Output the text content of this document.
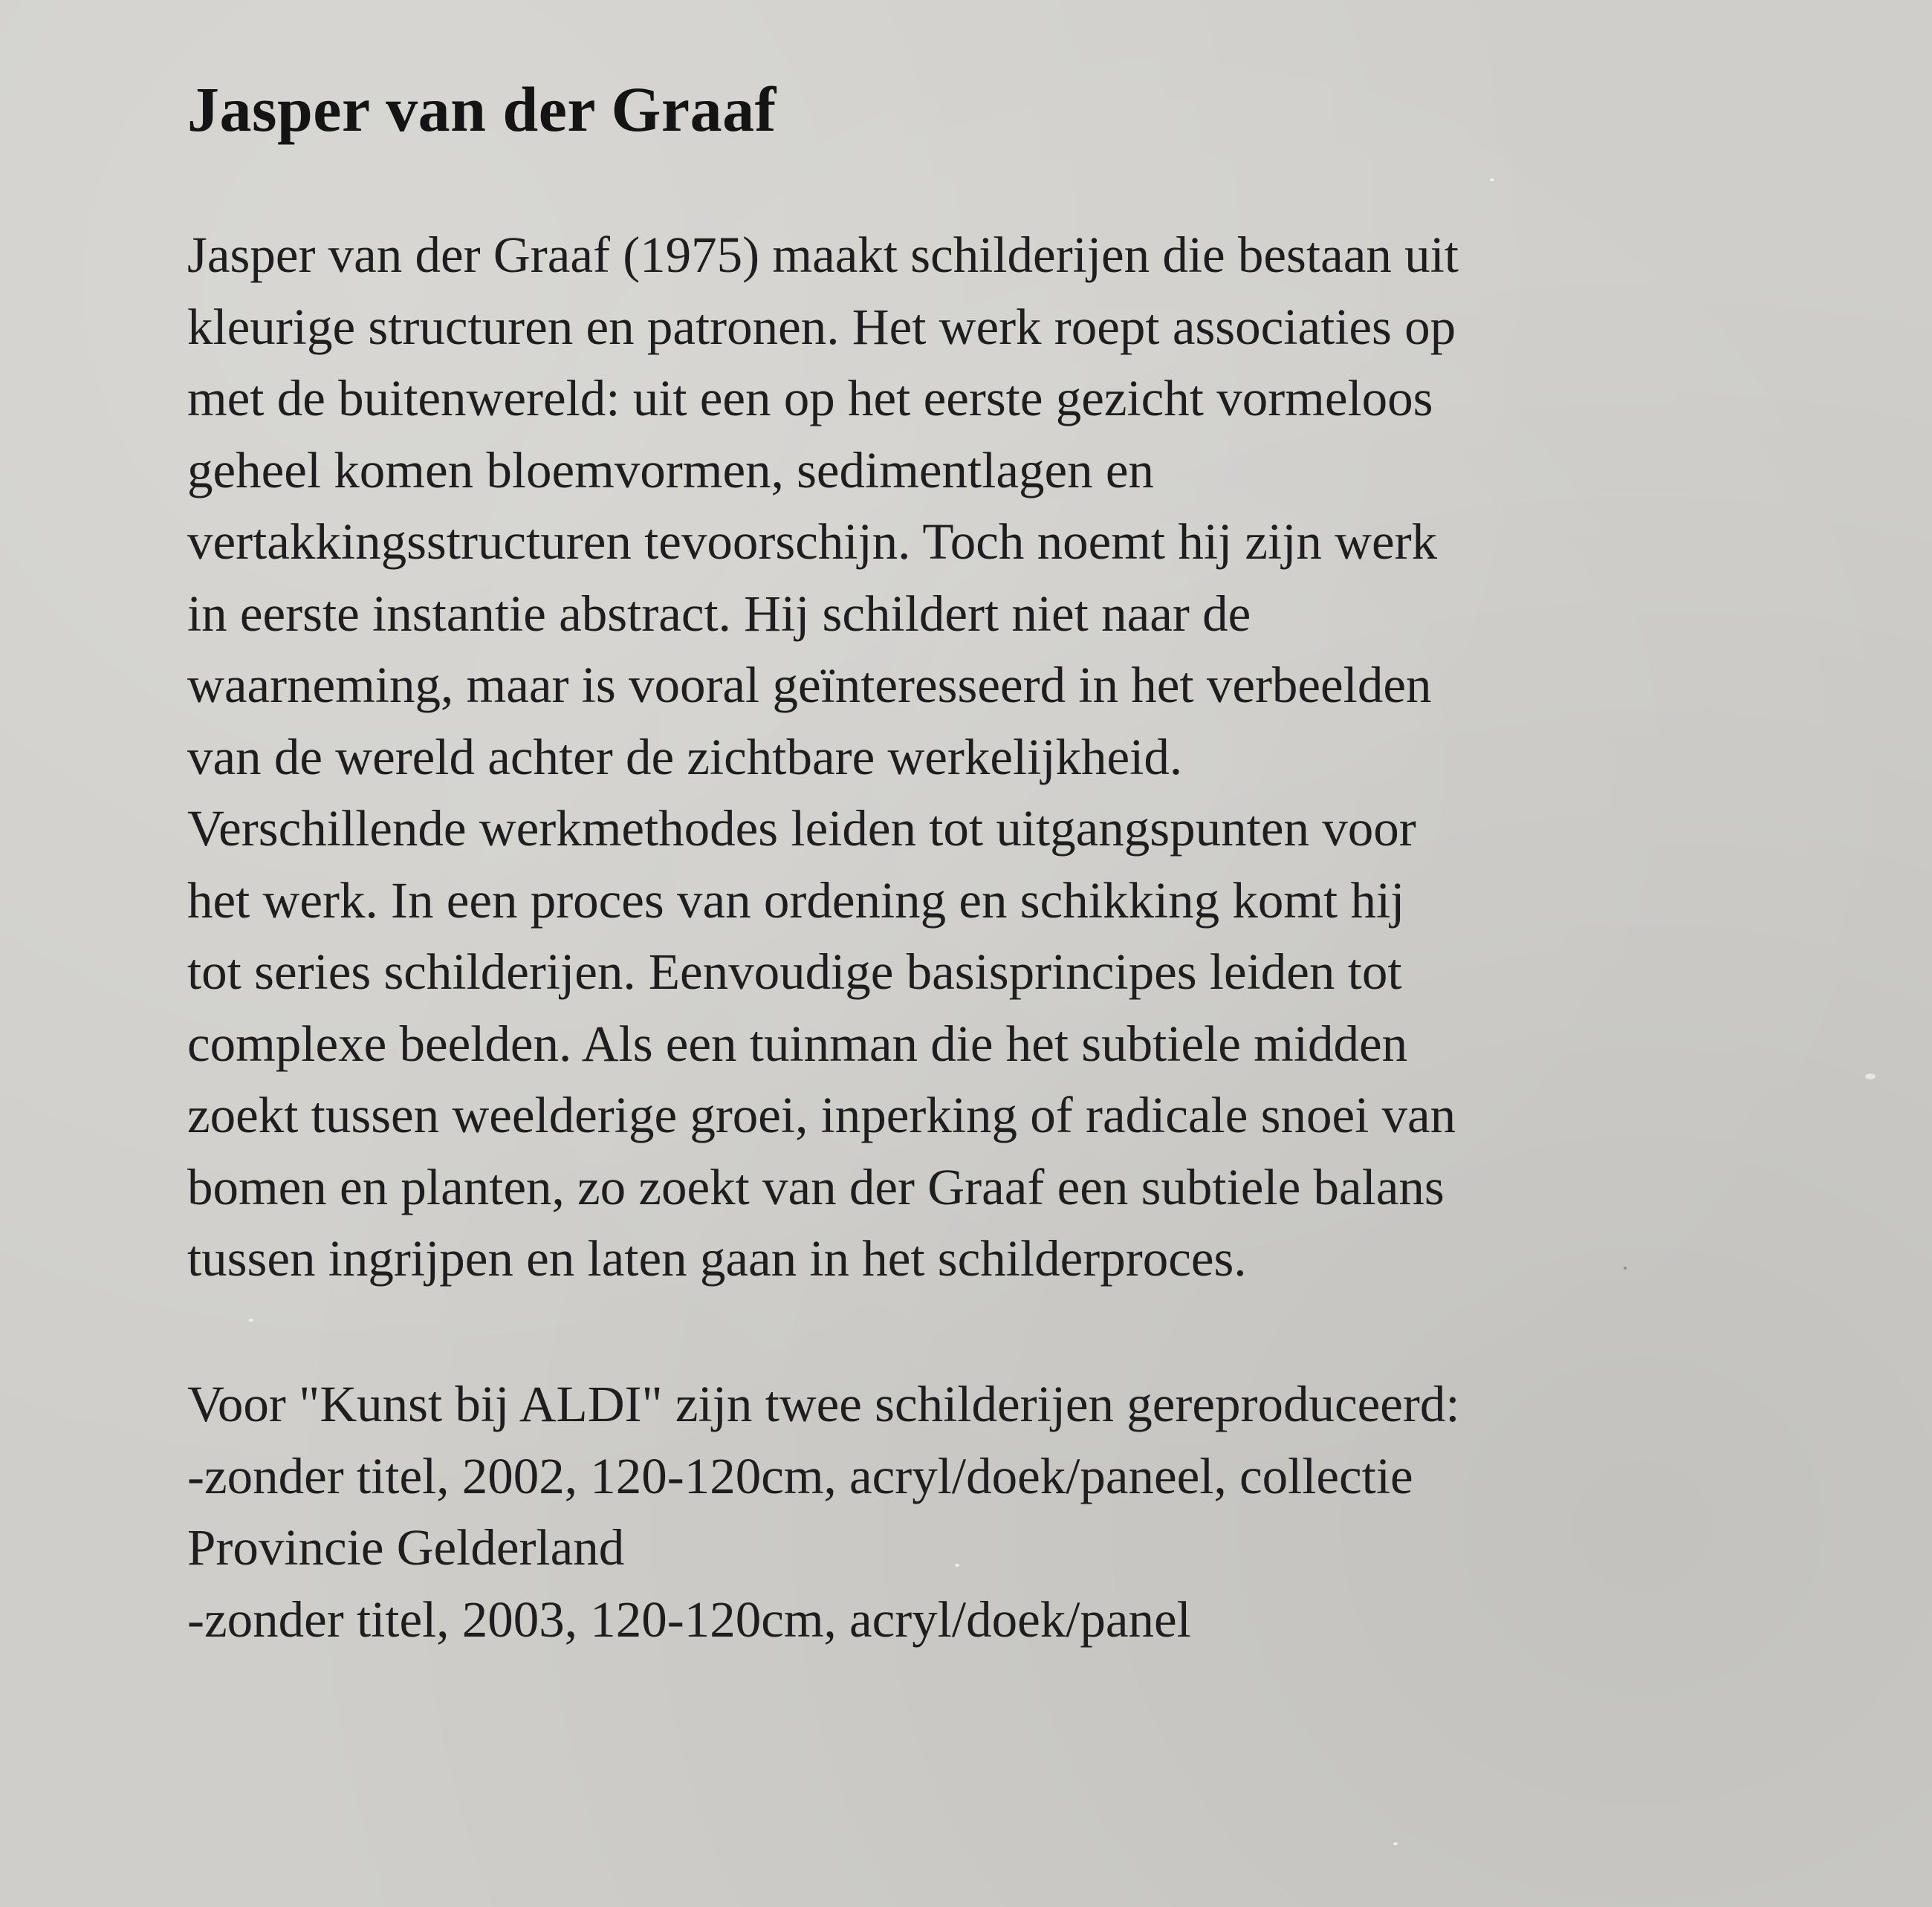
Jasper van der Graaf
Jasper van der Graaf (1975) maakt schilderijen die bestaan uit
kleurige structuren en patronen. Het werk roept associaties op
met de buitenwereld: uit een op het eerste gezicht vormeloos
geheel komen bloemvormen, sedimentlagen en
vertakkingsstructuren tevoorschijn. Toch noemt hij zijn werk
in eerste instantie abstract. Hij schildert niet naar de
waarneming, maar is vooral geïnteresseerd in het verbeelden
van de wereld achter de zichtbare werkelijkheid.
Verschillende werkmethodes leiden tot uitgangspunten voor
het werk. In een proces van ordening en schikking komt hij
tot series schilderijen. Eenvoudige basisprincipes leiden tot
complexe beelden. Als een tuinman die het subtiele midden
zoekt tussen weelderige groei, inperking of radicale snoei van
bomen en planten, zo zoekt van der Graaf een subtiele balans
tussen ingrijpen en laten gaan in het schilderproces.
Voor "Kunst bij ALDI" zijn twee schilderijen gereproduceerd:
-zonder titel, 2002, 120-120cm, acryl/doek/paneel, collectie
Provincie Gelderland
-zonder titel, 2003, 120-120cm, acryl/doek/panel
